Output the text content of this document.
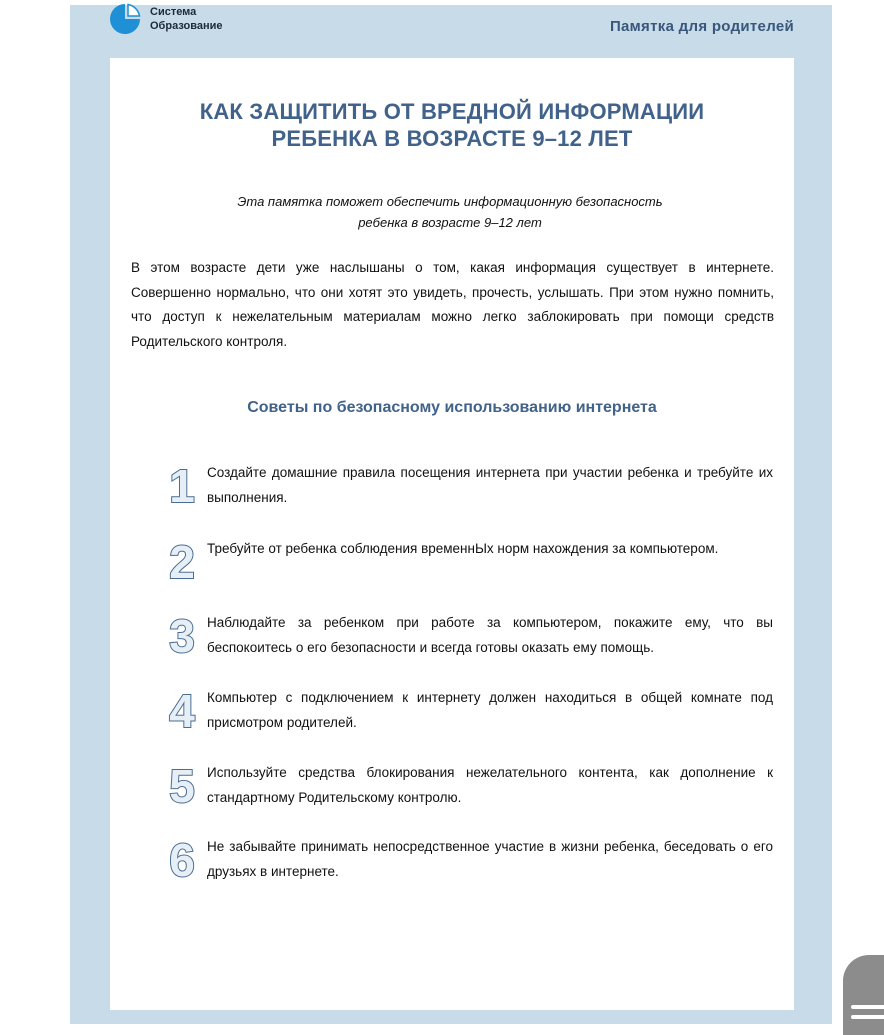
Система
Образование	Памятка для родителей
КАК ЗАЩИТИТЬ ОТ ВРЕДНОЙ ИНФОРМАЦИИ
РЕБЕНКА В ВОЗРАСТЕ 9–12 ЛЕТ
Эта памятка поможет обеспечить информационную безопасность
ребенка в возрасте 9–12 лет
В этом возрасте дети уже наслышаны о том, какая информация существует в интернете. Совершенно нормально, что они хотят это увидеть, прочесть, услышать. При этом нужно помнить, что доступ к нежелательным материалам можно легко заблокировать при помощи средств Родительского контроля.
Советы по безопасному использованию интернета
1 Создайте домашние правила посещения интернета при участии ребенка и требуйте их выполнения.
2 Требуйте от ребенка соблюдения временнЫх норм нахождения за компьютером.
3 Наблюдайте за ребенком при работе за компьютером, покажите ему, что вы беспокоитесь о его безопасности и всегда готовы оказать ему помощь.
4 Компьютер с подключением к интернету должен находиться в общей комнате под присмотром родителей.
5 Используйте средства блокирования нежелательного контента, как дополнение к стандартному Родительскому контролю.
6 Не забывайте принимать непосредственное участие в жизни ребенка, беседовать о его друзьях в интернете.
